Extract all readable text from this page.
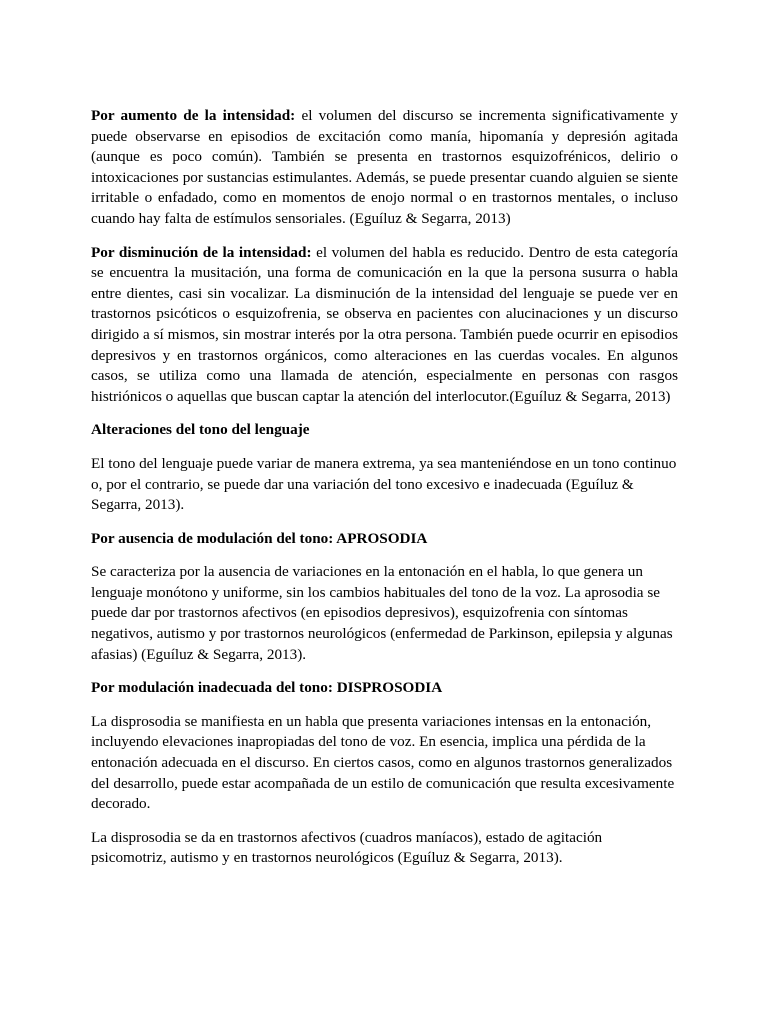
Por aumento de la intensidad: el volumen del discurso se incrementa significativamente y puede observarse en episodios de excitación como manía, hipomanía y depresión agitada (aunque es poco común). También se presenta en trastornos esquizofrénicos, delirio o intoxicaciones por sustancias estimulantes. Además, se puede presentar cuando alguien se siente irritable o enfadado, como en momentos de enojo normal o en trastornos mentales, o incluso cuando hay falta de estímulos sensoriales. (Eguíluz & Segarra, 2013)

Por disminución de la intensidad: el volumen del habla es reducido. Dentro de esta categoría se encuentra la musitación, una forma de comunicación en la que la persona susurra o habla entre dientes, casi sin vocalizar. La disminución de la intensidad del lenguaje se puede ver en trastornos psicóticos o esquizofrenia, se observa en pacientes con alucinaciones y un discurso dirigido a sí mismos, sin mostrar interés por la otra persona. También puede ocurrir en episodios depresivos y en trastornos orgánicos, como alteraciones en las cuerdas vocales. En algunos casos, se utiliza como una llamada de atención, especialmente en personas con rasgos histriónicos o aquellas que buscan captar la atención del interlocutor.(Eguíluz & Segarra, 2013)

Alteraciones del tono del lenguaje

El tono del lenguaje puede variar de manera extrema, ya sea manteniéndose en un tono continuo o, por el contrario, se puede dar una variación del tono excesivo e inadecuada (Eguíluz & Segarra, 2013).

Por ausencia de modulación del tono: APROSODIA

Se caracteriza por la ausencia de variaciones en la entonación en el habla, lo que genera un lenguaje monótono y uniforme, sin los cambios habituales del tono de la voz. La aprosodia se puede dar por trastornos afectivos (en episodios depresivos), esquizofrenia con síntomas negativos, autismo y por trastornos neurológicos (enfermedad de Parkinson, epilepsia y algunas afasias) (Eguíluz & Segarra, 2013).

Por modulación inadecuada del tono: DISPROSODIA

La disprosodia se manifiesta en un habla que presenta variaciones intensas en la entonación, incluyendo elevaciones inapropiadas del tono de voz. En esencia, implica una pérdida de la entonación adecuada en el discurso. En ciertos casos, como en algunos trastornos generalizados del desarrollo, puede estar acompañada de un estilo de comunicación que resulta excesivamente decorado.

La disprosodia se da en trastornos afectivos (cuadros maníacos), estado de agitación psicomotriz, autismo y en trastornos neurológicos (Eguíluz & Segarra, 2013).
